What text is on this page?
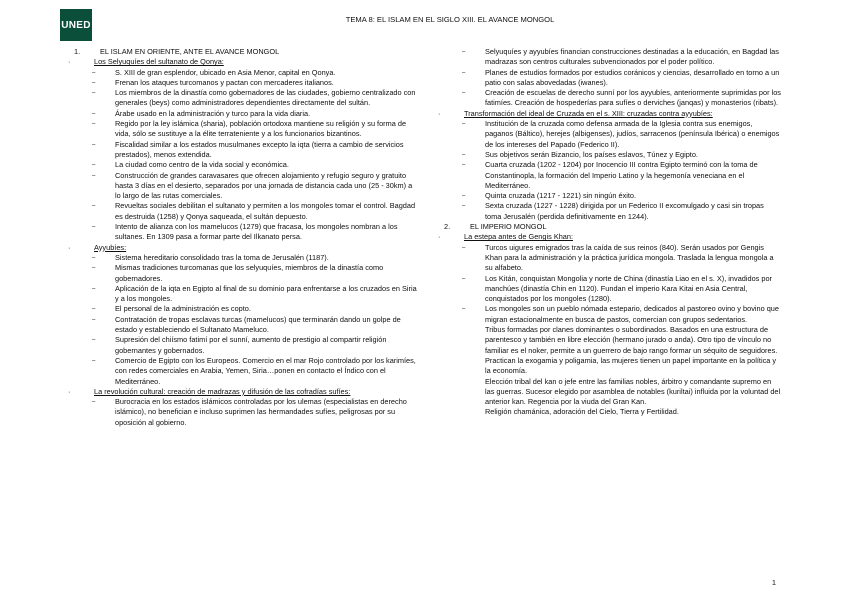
UNED	TEMA 8: EL ISLAM EN EL SIGLO XIII. EL AVANCE MONGOL
1.	EL ISLAM EN ORIENTE, ANTE EL AVANCE MONGOL
·	Los Selyuquíes del sultanato de Qonya:
–	S. XIII de gran esplendor, ubicado en Asia Menor, capital en Qonya.
–	Frenan los ataques turcomanos y pactan con mercaderes italianos.
–	Los miembros de la dinastía como gobernadores de las ciudades, gobierno centralizado con generales (beys) como administradores dependientes directamente del sultán.
–	Árabe usado en la administración y turco para la vida diaria.
–	Regido por la ley islámica (sharia), población ortodoxa mantiene su religión y su forma de vida, sólo se sustituye a la élite terrateniente y a los funcionarios bizantinos.
–	Fiscalidad similar a los estados musulmanes excepto la iqta (tierra a cambio de servicios prestados), menos extendida.
–	La ciudad como centro de la vida social y económica.
–	Construcción de grandes caravasares que ofrecen alojamiento y refugio seguro y gratuito hasta 3 días en el desierto, separados por una jornada de distancia cada uno (25 - 30km) a lo largo de las rutas comerciales.
–	Revueltas sociales debilitan el sultanato y permiten a los mongoles tomar el control. Bagdad es destruida (1258) y Qonya saqueada, el sultán depuesto.
–	Intento de alianza con los mamelucos (1279) que fracasa, los mongoles nombran a los sultanes. En 1309 pasa a formar parte del Ilkanato persa.
·	Ayyubíes:
–	Sistema hereditario consolidado tras la toma de Jerusalén (1187).
–	Mismas tradiciones turcomanas que los selyuquíes, miembros de la dinastía como gobernadores.
–	Aplicación de la iqta en Egipto al final de su dominio para enfrentarse a los cruzados en Siria y a los mongoles.
–	El personal de la administración es copto.
–	Contratación de tropas esclavas turcas (mamelucos) que terminarán dando un golpe de estado y estableciendo el Sultanato Mameluco.
–	Supresión del chiísmo fatimí por el sunní, aumento de prestigio al compartir religión gobernantes y gobernados.
–	Comercio de Egipto con los Europeos. Comercio en el mar Rojo controlado por los karimíes, con redes comerciales en Arabia, Yemen, Siria…ponen en contacto el Índico con el Mediterráneo.
·	La revolución cultural: creación de madrazas y difusión de las cofradías sufíes:
–	Burocracia en los estados islámicos controladas por los ulemas (especialistas en derecho islámico), no benefician e incluso suprimen las hermandades sufíes, peligrosas por su oposición al gobierno.
–	Selyuquíes y ayyubíes financian construcciones destinadas a la educación, en Bagdad las madrazas son centros culturales subvencionados por el poder político.
–	Planes de estudios formados por estudios coránicos y ciencias, desarrollado en torno a un patio con salas abovedadas (iwanes).
–	Creación de escuelas de derecho sunní por los ayyubíes, anteriormente suprimidas por los fatimíes. Creación de hospederías para sufíes o derviches (janqas) y monasterios (ribats).
·	Transformación del ideal de Cruzada en el s. XIII: cruzadas contra ayyubíes:
–	Institución de la cruzada como defensa armada de la Iglesia contra sus enemigos, paganos (Báltico), herejes (albigenses), judíos, sarracenos (península Ibérica) o enemigos de los intereses del Papado (Federico II).
–	Sus objetivos serán Bizancio, los países eslavos, Túnez y Egipto.
–	Cuarta cruzada (1202 - 1204) por Inocencio III contra Egipto terminó con la toma de Constantinopla, la formación del Imperio Latino y la hegemonía veneciana en el Mediterráneo.
–	Quinta cruzada (1217 - 1221) sin ningún éxito.
–	Sexta cruzada (1227 - 1228) dirigida por un Federico II excomulgado y casi sin tropas toma Jerusalén (perdida definitivamente en 1244).
2.	EL IMPERIO MONGOL
·	La estepa antes de Gengis Khan:
–	Turcos uigures emigrados tras la caída de sus reinos (840). Serán usados por Gengis Khan para la administración y la práctica jurídica mongola. Traslada la lengua mongola a su alfabeto.
–	Los Kitán, conquistan Mongolia y norte de China (dinastía Liao en el s. X), invadidos por manchúes (dinastía Chin en 1120). Fundan el imperio Kara Kitai en Asia Central, conquistados por los mongoles (1280).
–	Los mongoles son un pueblo nómada estepario, dedicados al pastoreo ovino y bovino que migran estacionalmente en busca de pastos, comercian con grupos sedentarios.
Tribus formadas por clanes dominantes o subordinados. Basados en una estructura de parentesco y también en libre elección (hermano jurado o anda). Otro tipo de vínculo no familiar es el noker, permite a un guerrero de bajo rango formar un séquito de seguidores.
Practican la exogamia y poligamia, las mujeres tienen un papel importante en la política y la economía.
Elección tribal del kan o jefe entre las familias nobles, árbitro y comandante supremo en las guerras. Sucesor elegido por asamblea de notables (kuriltai) influida por la voluntad del anterior kan. Regencia por la viuda del Gran Kan.
Religión chamánica, adoración del Cielo, Tierra y Fertilidad.
1
